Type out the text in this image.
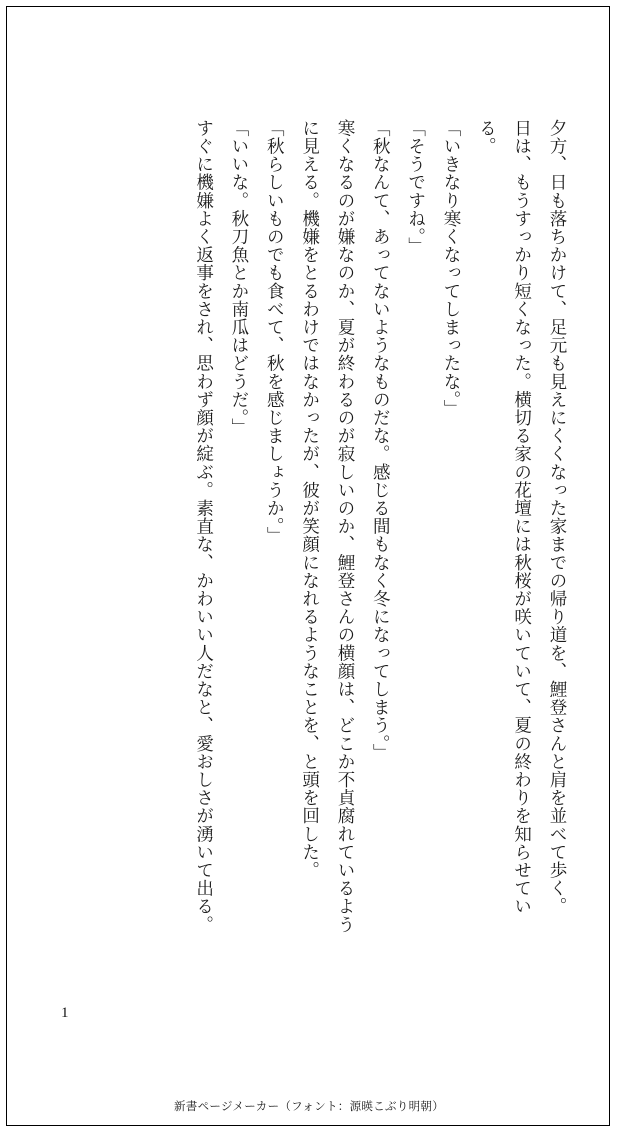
夕方、日も落ちかけて、足元も見えにくくなった家までの帰り道を、鯉登さんと肩を並べて歩く。

日は、もうすっかり短くなった。横切る家の花壇には秋桜が咲いていて、夏の終わりを知らせている。

「いきなり寒くなってしまったな。」

「そうですね。」

「秋なんて、あってないようなものだな。感じる間もなく冬になってしまう。」

寒くなるのが嫌なのか、夏が終わるのが寂しいのか、鯉登さんの横顔は、どこか不貞腐れているように見える。機嫌をとるわけではなかったが、彼が笑顔になれるようなことを、と頭を回した。

「秋らしいものでも食べて、秋を感じましょうか。」

「いいな。秋刀魚とか南瓜はどうだ。」

すぐに機嫌よく返事をされ、思わず顔が綻ぶ。素直な、かわいい人だなと、愛おしさが湧いて出る。

1
新書ページメーカー（フォント：源暎こぶり明朝）
